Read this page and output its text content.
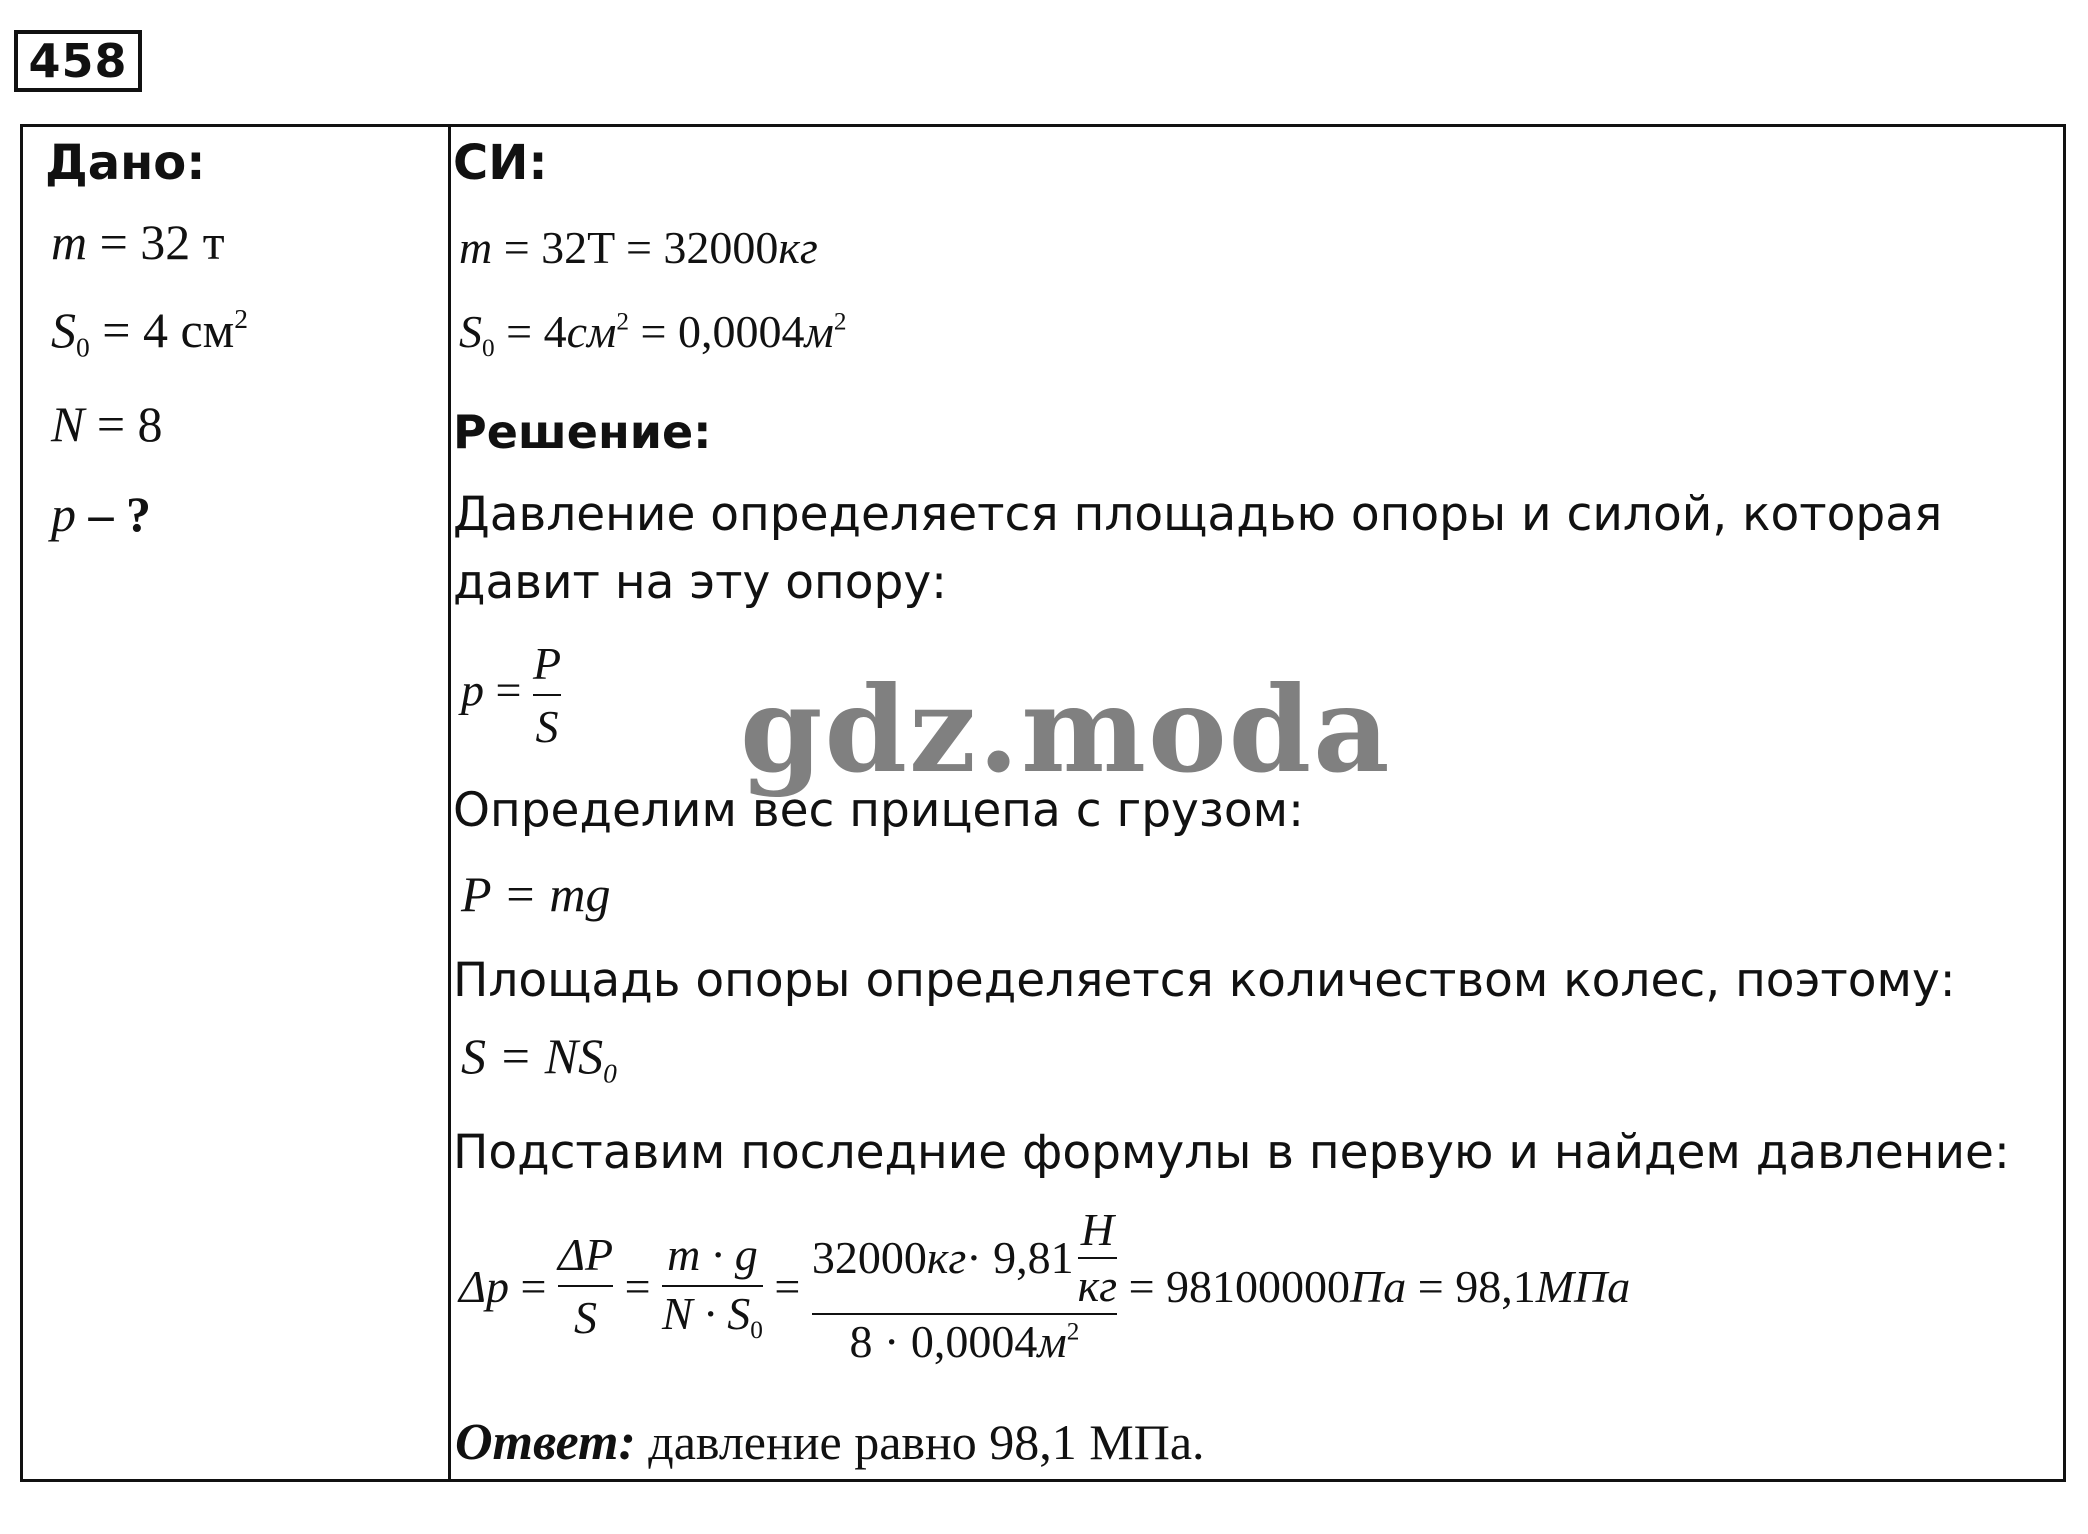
458
Дано:
m = 32 т
$S_0 = 4$ $см^2$
N = 8
p – ?
СИ:
m = 32T = 32000кг
$S_0 = 4см^2 = 0,0004м^2$
Решение:
Давление определяется площадью опоры и силой, которая
давит на эту опору:
$p = \frac{P}{S}$
Определим вес прицепа с грузом:
P = mg
Площадь опоры определяется количеством колес, поэтому:
$S = NS_0$
Подставим последние формулы в первую и найдем давление:
$\Delta p = \frac{\Delta P}{S} = \frac{m \cdot g}{N \cdot S_0} = \frac{32000 кг \cdot 9,81 \frac{H}{кг}}{8 \cdot 0,0004м^2} = 98100000$ Па = 98,1 МПа
Ответ: давление равно 98,1 МПа.
gdz.moda
